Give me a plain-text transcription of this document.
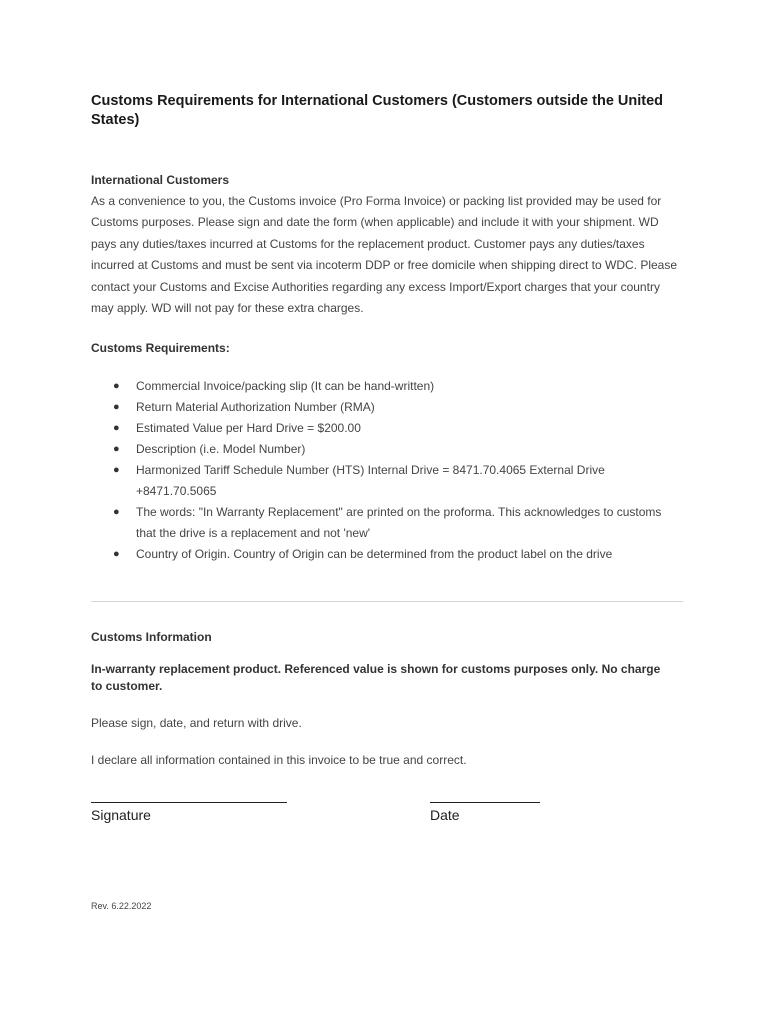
Customs Requirements for International Customers (Customers outside the United States)
International Customers

As a convenience to you, the Customs invoice (Pro Forma Invoice) or packing list provided may be used for Customs purposes. Please sign and date the form (when applicable) and include it with your shipment. WD pays any duties/taxes incurred at Customs for the replacement product. Customer pays any duties/taxes incurred at Customs and must be sent via incoterm DDP or free domicile when shipping direct to WDC. Please contact your Customs and Excise Authorities regarding any excess Import/Export charges that your country may apply. WD will not pay for these extra charges.

Customs Requirements:
● Commercial Invoice/packing slip (It can be hand-written)
● Return Material Authorization Number (RMA)
● Estimated Value per Hard Drive = $200.00
● Description (i.e. Model Number)
● Harmonized Tariff Schedule Number (HTS) Internal Drive = 8471.70.4065 External Drive +8471.70.5065
● The words: "In Warranty Replacement" are printed on the proforma. This acknowledges to customs that the drive is a replacement and not 'new'
● Country of Origin. Country of Origin can be determined from the product label on the drive
Customs Information

In-warranty replacement product. Referenced value is shown for customs purposes only. No charge to customer.

Please sign, date, and return with drive.

I declare all information contained in this invoice to be true and correct.

Signature	Date
Rev. 6.22.2022
